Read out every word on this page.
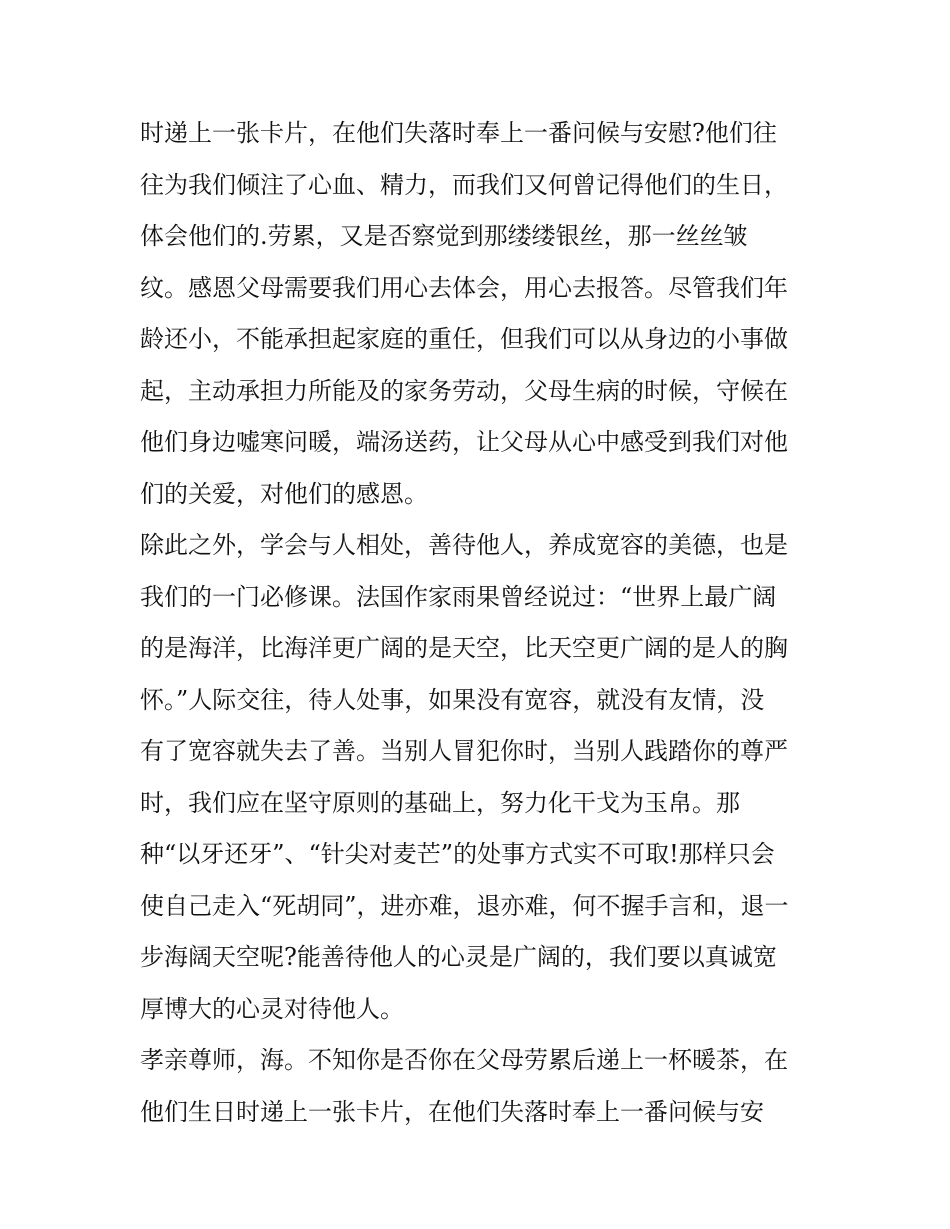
时递上一张卡片，在他们失落时奉上一番问候与安慰?他们往
往为我们倾注了心血、精力，而我们又何曾记得他们的生日，
体会他们的.劳累，又是否察觉到那缕缕银丝，那一丝丝皱
纹。感恩父母需要我们用心去体会，用心去报答。尽管我们年
龄还小，不能承担起家庭的重任，但我们可以从身边的小事做
起，主动承担力所能及的家务劳动，父母生病的时候，守候在
他们身边嘘寒问暖，端汤送药，让父母从心中感受到我们对他
们的关爱，对他们的感恩。
除此之外，学会与人相处，善待他人，养成宽容的美德，也是
我们的一门必修课。法国作家雨果曾经说过：“世界上最广阔
的是海洋，比海洋更广阔的是天空，比天空更广阔的是人的胸
怀。”人际交往，待人处事，如果没有宽容，就没有友情，没
有了宽容就失去了善。当别人冒犯你时，当别人践踏你的尊严
时，我们应在坚守原则的基础上，努力化干戈为玉帛。那
种“以牙还牙”、“针尖对麦芒”的处事方式实不可取!那样只会
使自己走入“死胡同”，进亦难，退亦难，何不握手言和，退一
步海阔天空呢?能善待他人的心灵是广阔的，我们要以真诚宽
厚博大的心灵对待他人。
孝亲尊师，海。不知你是否你在父母劳累后递上一杯暖茶，在
他们生日时递上一张卡片，在他们失落时奉上一番问候与安
